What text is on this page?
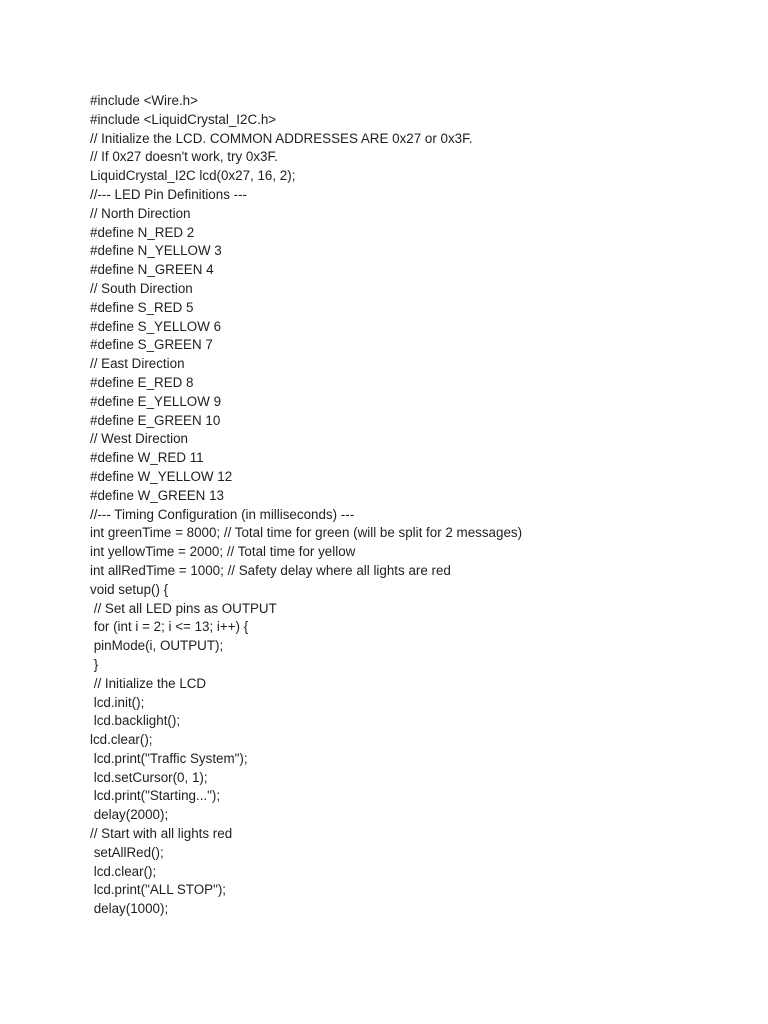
#include <Wire.h>
#include <LiquidCrystal_I2C.h>
// Initialize the LCD. COMMON ADDRESSES ARE 0x27 or 0x3F.
// If 0x27 doesn't work, try 0x3F.
LiquidCrystal_I2C lcd(0x27, 16, 2);
//--- LED Pin Definitions ---
// North Direction
#define N_RED 2
#define N_YELLOW 3
#define N_GREEN 4
// South Direction
#define S_RED 5
#define S_YELLOW 6
#define S_GREEN 7
// East Direction
#define E_RED 8
#define E_YELLOW 9
#define E_GREEN 10
// West Direction
#define W_RED 11
#define W_YELLOW 12
#define W_GREEN 13
//--- Timing Configuration (in milliseconds) ---
int greenTime = 8000; // Total time for green (will be split for 2 messages)
int yellowTime = 2000; // Total time for yellow
int allRedTime = 1000; // Safety delay where all lights are red
void setup() {
// Set all LED pins as OUTPUT
for (int i = 2; i <= 13; i++) {
pinMode(i, OUTPUT);
}
// Initialize the LCD
lcd.init();
lcd.backlight();
lcd.clear();
lcd.print("Traffic System");
lcd.setCursor(0, 1);
lcd.print("Starting...");
delay(2000);
// Start with all lights red
setAllRed();
lcd.clear();
lcd.print("ALL STOP");
delay(1000);
